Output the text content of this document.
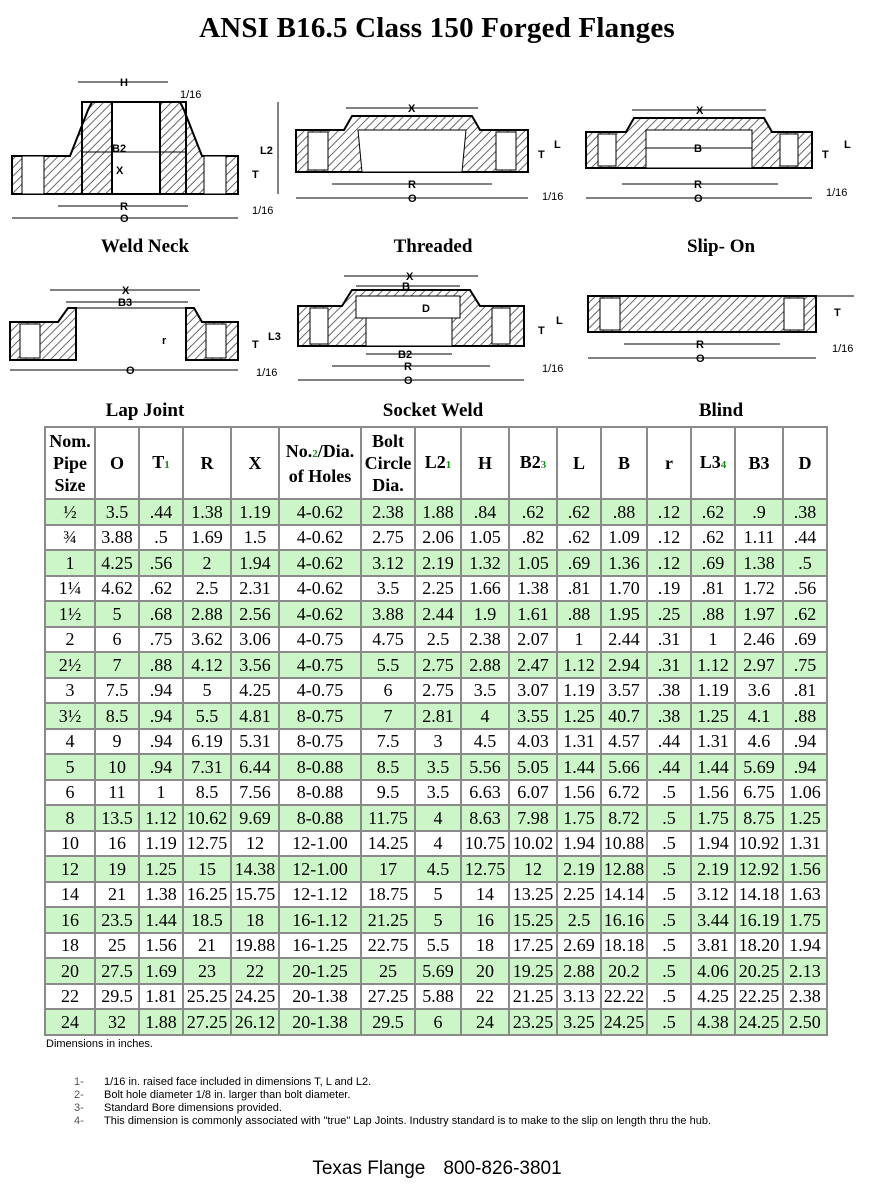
ANSI B16.5 Class 150 Forged Flanges
H
1/16
B2
X
L2
T
R
O
1/16
Weld Neck
X
T
L
R
O	1/16
Threaded
X
B	T
L
R
O	1/16
Slip- On
X
B3
r	T
L3
O	1/16
Lap Joint
X
B
D
T
L
B2
R
O
1/16
Socket Weld
T
R
O
1/16
Blind
Nom. Pipe Size	O	T1	R	X	No.2/Dia. of Holes	Bolt Circle Dia.	L21	H	B23	L	B	r	L34	B3	D
½	3.5	.44	1.38	1.19	4-0.62	2.38	1.88	.84	.62	.62	.88	.12	.62	.9	.38
¾	3.88	.5	1.69	1.5	4-0.62	2.75	2.06	1.05	.82	.62	1.09	.12	.62	1.11	.44
1	4.25	.56	2	1.94	4-0.62	3.12	2.19	1.32	1.05	.69	1.36	.12	.69	1.38	.5
1¼	4.62	.62	2.5	2.31	4-0.62	3.5	2.25	1.66	1.38	.81	1.70	.19	.81	1.72	.56
1½	5	.68	2.88	2.56	4-0.62	3.88	2.44	1.9	1.61	.88	1.95	.25	.88	1.97	.62
2	6	.75	3.62	3.06	4-0.75	4.75	2.5	2.38	2.07	1	2.44	.31	1	2.46	.69
2½	7	.88	4.12	3.56	4-0.75	5.5	2.75	2.88	2.47	1.12	2.94	.31	1.12	2.97	.75
3	7.5	.94	5	4.25	4-0.75	6	2.75	3.5	3.07	1.19	3.57	.38	1.19	3.6	.81
3½	8.5	.94	5.5	4.81	8-0.75	7	2.81	4	3.55	1.25	40.7	.38	1.25	4.1	.88
4	9	.94	6.19	5.31	8-0.75	7.5	3	4.5	4.03	1.31	4.57	.44	1.31	4.6	.94
5	10	.94	7.31	6.44	8-0.88	8.5	3.5	5.56	5.05	1.44	5.66	.44	1.44	5.69	.94
6	11	1	8.5	7.56	8-0.88	9.5	3.5	6.63	6.07	1.56	6.72	.5	1.56	6.75	1.06
8	13.5	1.12	10.62	9.69	8-0.88	11.75	4	8.63	7.98	1.75	8.72	.5	1.75	8.75	1.25
10	16	1.19	12.75	12	12-1.00	14.25	4	10.75	10.02	1.94	10.88	.5	1.94	10.92	1.31
12	19	1.25	15	14.38	12-1.00	17	4.5	12.75	12	2.19	12.88	.5	2.19	12.92	1.56
14	21	1.38	16.25	15.75	12-1.12	18.75	5	14	13.25	2.25	14.14	.5	3.12	14.18	1.63
16	23.5	1.44	18.5	18	16-1.12	21.25	5	16	15.25	2.5	16.16	.5	3.44	16.19	1.75
18	25	1.56	21	19.88	16-1.25	22.75	5.5	18	17.25	2.69	18.18	.5	3.81	18.20	1.94
20	27.5	1.69	23	22	20-1.25	25	5.69	20	19.25	2.88	20.2	.5	4.06	20.25	2.13
22	29.5	1.81	25.25	24.25	20-1.38	27.25	5.88	22	21.25	3.13	22.22	.5	4.25	22.25	2.38
24	32	1.88	27.25	26.12	20-1.38	29.5	6	24	23.25	3.25	24.25	.5	4.38	24.25	2.50
Dimensions in inches.
1-	1/16 in. raised face included in dimensions T, L and L2.
2-	Bolt hole diameter 1/8 in. larger than bolt diameter.
3-	Standard Bore dimensions provided.
4-	This dimension is commonly associated with "true" Lap Joints. Industry standard is to make to the slip on length thru the hub.
Texas Flange 800-826-3801
